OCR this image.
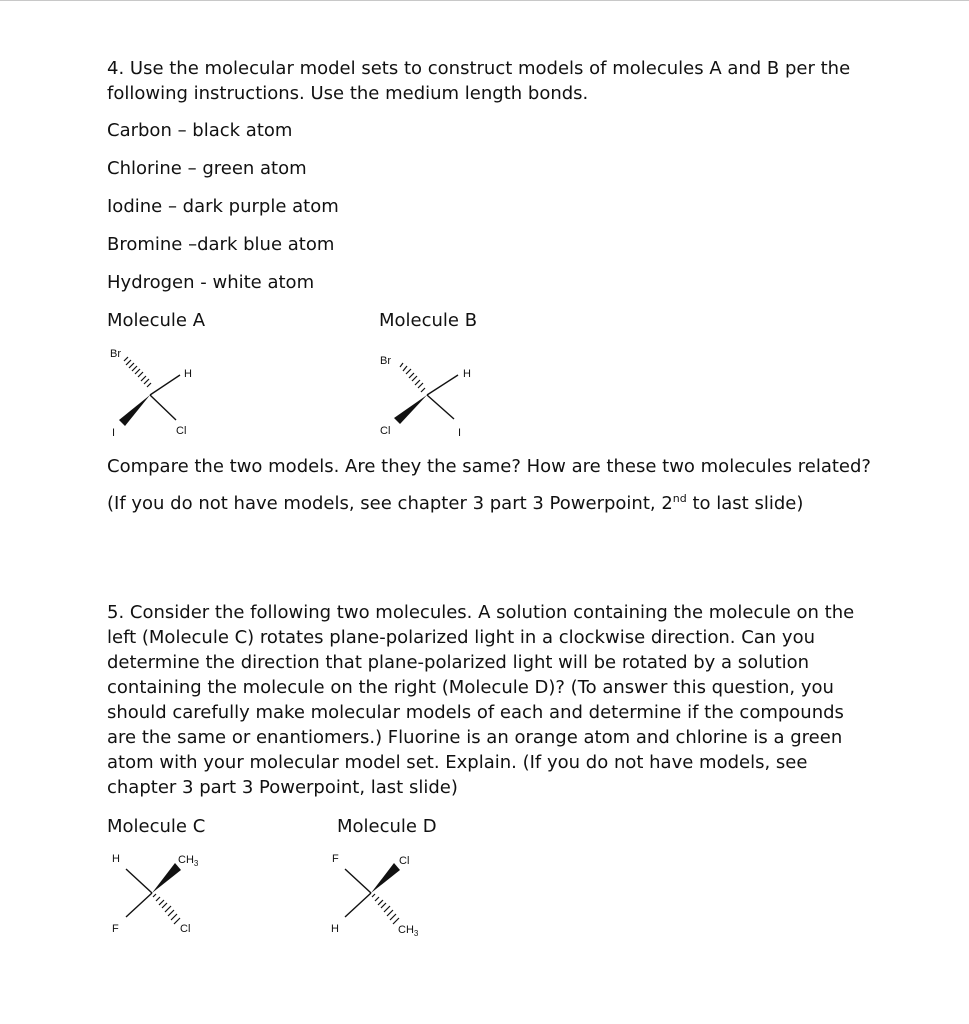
4. Use the molecular model sets to construct models of molecules A and B per the
following instructions. Use the medium length bonds.
Carbon – black atom
Chlorine – green atom
Iodine – dark purple atom
Bromine –dark blue atom
Hydrogen - white atom
Molecule A	Molecule B
Br
H
I	Cl
Br
H
Cl	I
Compare the two models. Are they the same? How are these two molecules related?
(If you do not have models, see chapter 3 part 3 Powerpoint, 2nd to last slide)
5. Consider the following two molecules. A solution containing the molecule on the left (Molecule C) rotates plane-polarized light in a clockwise direction. Can you determine the direction that plane-polarized light will be rotated by a solution containing the molecule on the right (Molecule D)? (To answer this question, you should carefully make molecular models of each and determine if the compounds are the same or enantiomers.) Fluorine is an orange atom and chlorine is a green atom with your molecular model set. Explain. (If you do not have models, see chapter 3 part 3 Powerpoint, last slide)
Molecule C	Molecule D
H	$CH_3$
F	Cl
F	Cl
H	$CH_3$
